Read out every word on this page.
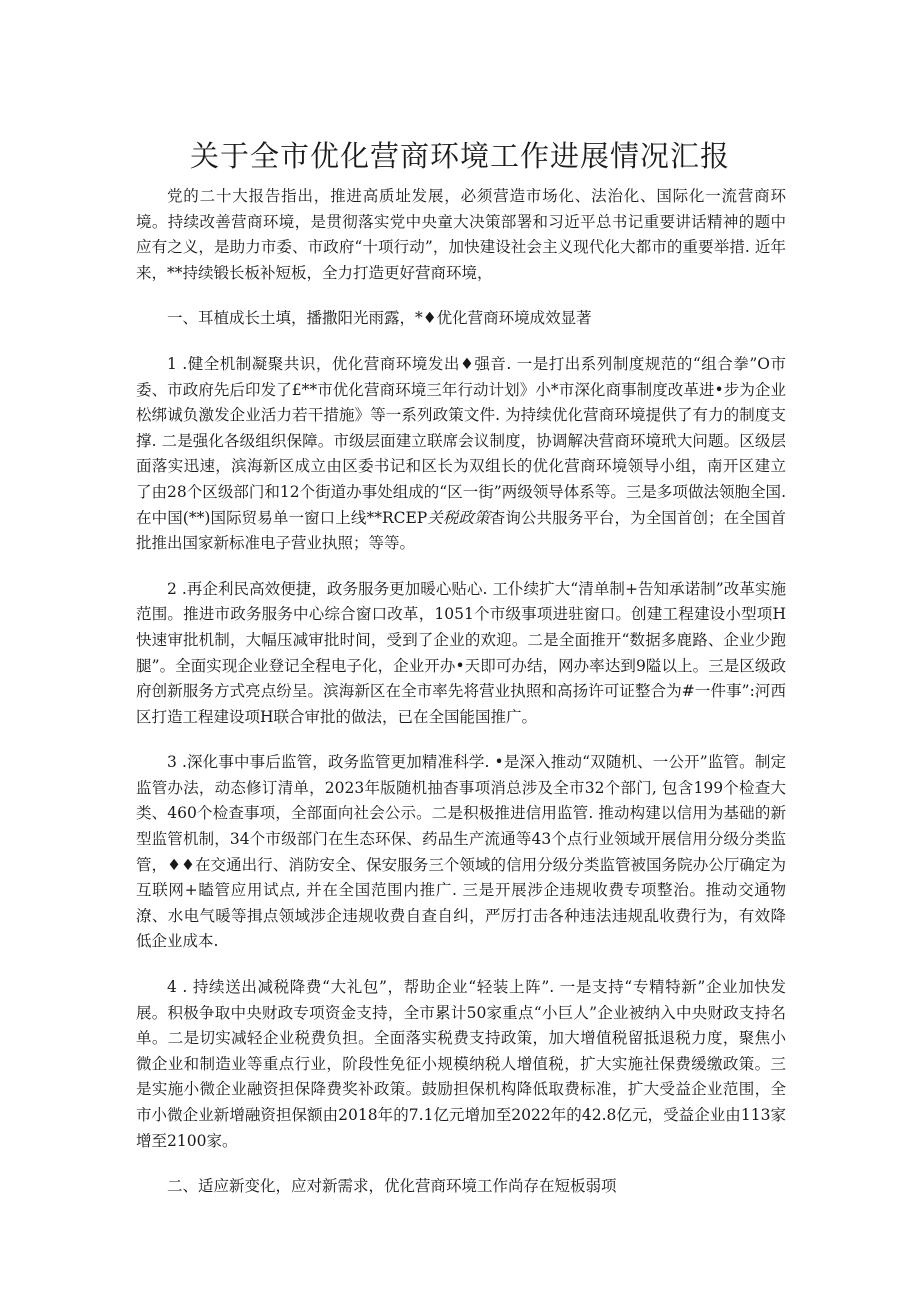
关于全市优化营商环境工作进展情况汇报

党的二十大报告指出，推进高质址发展，必须营造市场化、法治化、国际化一流营商环境。持续改善营商环境，是贯彻落实党中央童大决策部署和习近平总书记重要讲话精神的题中应有之义，是助力市委、市政府“十项行动”，加快建设社会主义现代化大都市的重要举措. 近年来，**持续锻长板补短板，全力打造更好营商环境，

一、耳植成长土填，播撒阳光雨露，*♦优化营商环境成效显著

1 .健全机制凝聚共识，优化营商环境发出♦强音. 一是打出系列制度规范的“组合拳”O市委、市政府先后印发了£**市优化营商环境三年行动计划》小*市深化商事制度改革进•步为企业松绑诚负激发企业活力若干措施》等一系列政策文件. 为持续优化营商环境提供了有力的制度支撑. 二是强化各级组织保障。市级层面建立联席会议制度，协调解决营商环境玳大问题。区级层面落实迅速，滨海新区成立由区委书记和区长为双组长的优化营商环境领导小组，南开区建立了由28个区级部门和12个街道办事处组成的“区一街”两级领导体系等。三是多项做法领胞全国. 在中国(**)国际贸易单一窗口上线**RCEP关税政策杳询公共服务平台，为全国首创；在全国首批推出国家新标准电子营业执照；等等。

2 .再企利民高效便捷，政务服务更加暖心贴心. 工仆续扩大“清单制+告知承诺制”改革实施范围。推进市政务服务中心综合窗口改革，1051个市级事项进驻窗口。创建工程建设小型项H快速审批机制，大幅压减审批时间，受到了企业的欢迎。二是全面推开“数据多鹿路、企业少跑腿”。全面实现企业登记全程电子化，企业开办•天即可办结，网办率达到9隘以上。三是区级政府创新服务方式亮点纷呈。滨海新区在全市率先将营业执照和高扬许可证整合为#一件事”:河西区打造工程建设项H联合审批的做法，已在全国能国推广。

3 .深化事中事后监管，政务监管更加精准科学. •是深入推动“双随机、一公开”监管。制定监管办法，动态修订清单，2023年版随机抽杳事项消总涉及全市32个部门, 包含199个检查大类、460个检查事项，全部面向社会公示。二是积极推进信用监管. 推动构建以信用为基础的新型监管机制，34个市级部门在生态环保、药品生产流通等43个点行业领域开展信用分级分类监管，♦♦在交通出行、消防安全、保安服务三个领域的信用分级分类监管被国务院办公厅确定为互联网+瞌管应用试点, 并在全国范围内推广. 三是开展涉企违规收费专项整治。推动交通物潦、水电气暖等揖点领域涉企违规收费自查自纠，严厉打击各种违法违规乱收费行为，有效降低企业成本.

4 . 持续送出减税降费“大礼包”，帮助企业“轻装上阵”. 一是支持“专精特新”企业加快发展。积极争取中央财政专项资金支持，全市累计50家重点“小巨人”企业被纳入中央财政支持名单。二是切实减轻企业税费负担。全面落实税费支持政策，加大增值税留抵退税力度，聚焦小微企业和制造业等重点行业，阶段性免征小规模纳税人增值税，扩大实施社保费缓缴政策。三是实施小微企业融资担保降费奖补政策。鼓励担保机构降低取费标准，扩大受益企业范围，全市小微企业新增融资担保额由2018年的7.1亿元增加至2022年的42.8亿元，受益企业由113家增至2100家。

二、适应新变化，应对新需求，优化营商环境工作尚存在短板弱项
